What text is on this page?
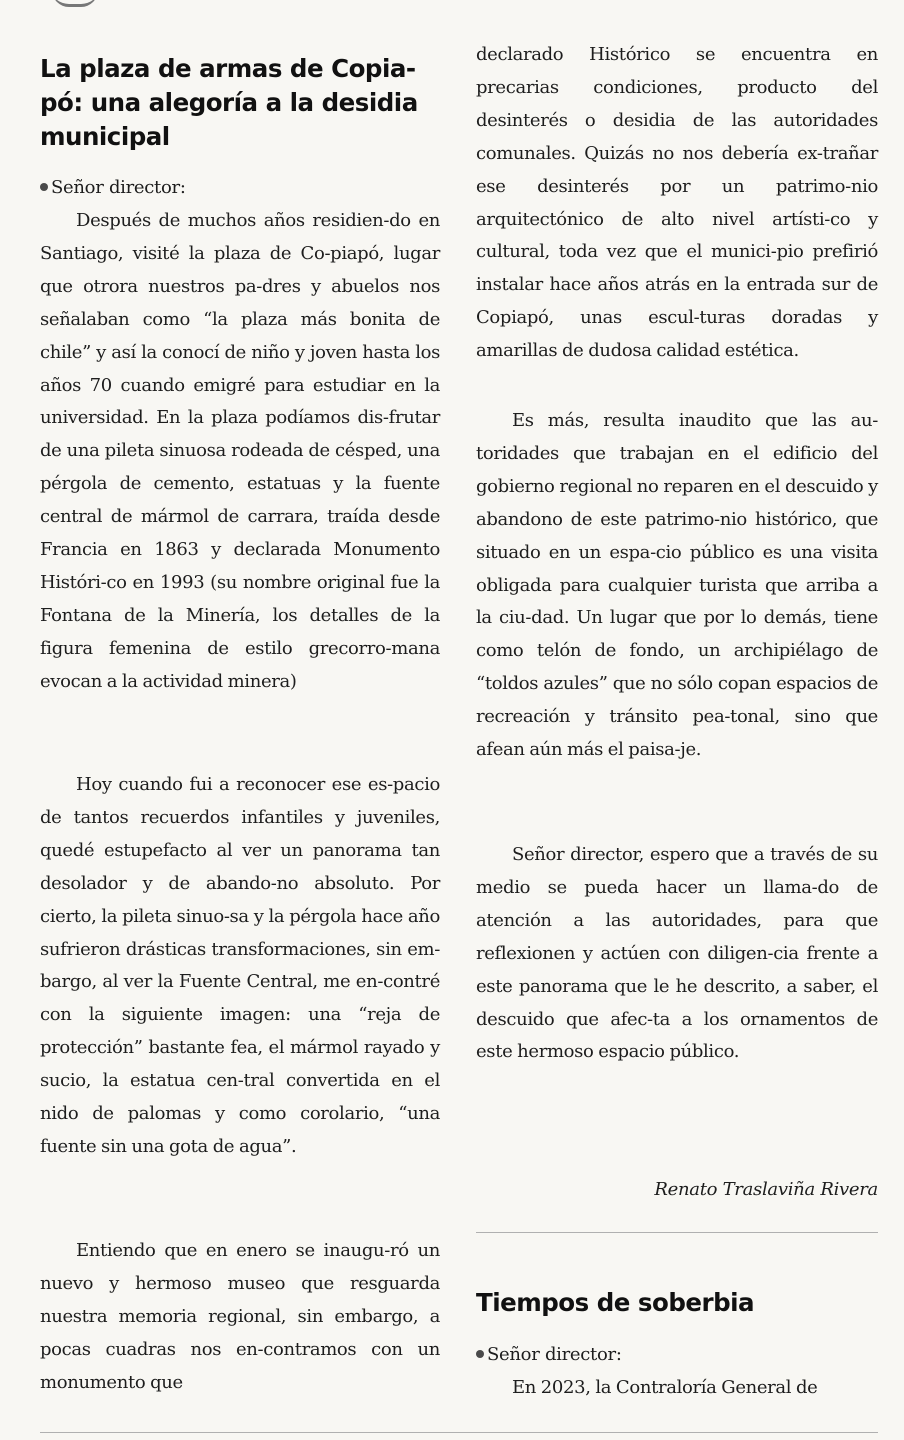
La plaza de armas de Copia-pó: una alegoría a la desidia municipal
Señor director:

Después de muchos años residien-do en Santiago, visité la plaza de Co-piapó, lugar que otrora nuestros pa-dres y abuelos nos señalaban como “la plaza más bonita de chile” y así la conocí de niño y joven hasta los años 70 cuando emigré para estudiar en la universidad. En la plaza podíamos dis-frutar de una pileta sinuosa rodeada de césped, una pérgola de cemento, estatuas y la fuente central de mármol de carrara, traída desde Francia en 1863 y declarada Monumento Históri-co en 1993 (su nombre original fue la Fontana de la Minería, los detalles de la figura femenina de estilo grecorro-mana evocan a la actividad minera)

Hoy cuando fui a reconocer ese es-pacio de tantos recuerdos infantiles y juveniles, quedé estupefacto al ver un panorama tan desolador y de abando-no absoluto. Por cierto, la pileta sinuo-sa y la pérgola hace año sufrieron drásticas transformaciones, sin em-bargo, al ver la Fuente Central, me en-contré con la siguiente imagen: una “reja de protección” bastante fea, el mármol rayado y sucio, la estatua cen-tral convertida en el nido de palomas y como corolario, “una fuente sin una gota de agua”.

Entiendo que en enero se inaugu-ró un nuevo y hermoso museo que resguarda nuestra memoria regional, sin embargo, a pocas cuadras nos en-contramos con un monumento que

declarado Histórico se encuentra en precarias condiciones, producto del desinterés o desidia de las autoridades comunales. Quizás no nos debería ex-trañar ese desinterés por un patrimo-nio arquitectónico de alto nivel artísti-co y cultural, toda vez que el munici-pio prefirió instalar hace años atrás en la entrada sur de Copiapó, unas escul-turas doradas y amarillas de dudosa calidad estética.

Es más, resulta inaudito que las au-toridades que trabajan en el edificio del gobierno regional no reparen en el descuido y abandono de este patrimo-nio histórico, que situado en un espa-cio público es una visita obligada para cualquier turista que arriba a la ciu-dad. Un lugar que por lo demás, tiene como telón de fondo, un archipiélago de “toldos azules” que no sólo copan espacios de recreación y tránsito pea-tonal, sino que afean aún más el paisa-je.

Señor director, espero que a través de su medio se pueda hacer un llama-do de atención a las autoridades, para que reflexionen y actúen con diligen-cia frente a este panorama que le he descrito, a saber, el descuido que afec-ta a los ornamentos de este hermoso espacio público.

Renato Traslaviña Rivera
Tiempos de soberbia
Señor director:

En 2023, la Contraloría General de
